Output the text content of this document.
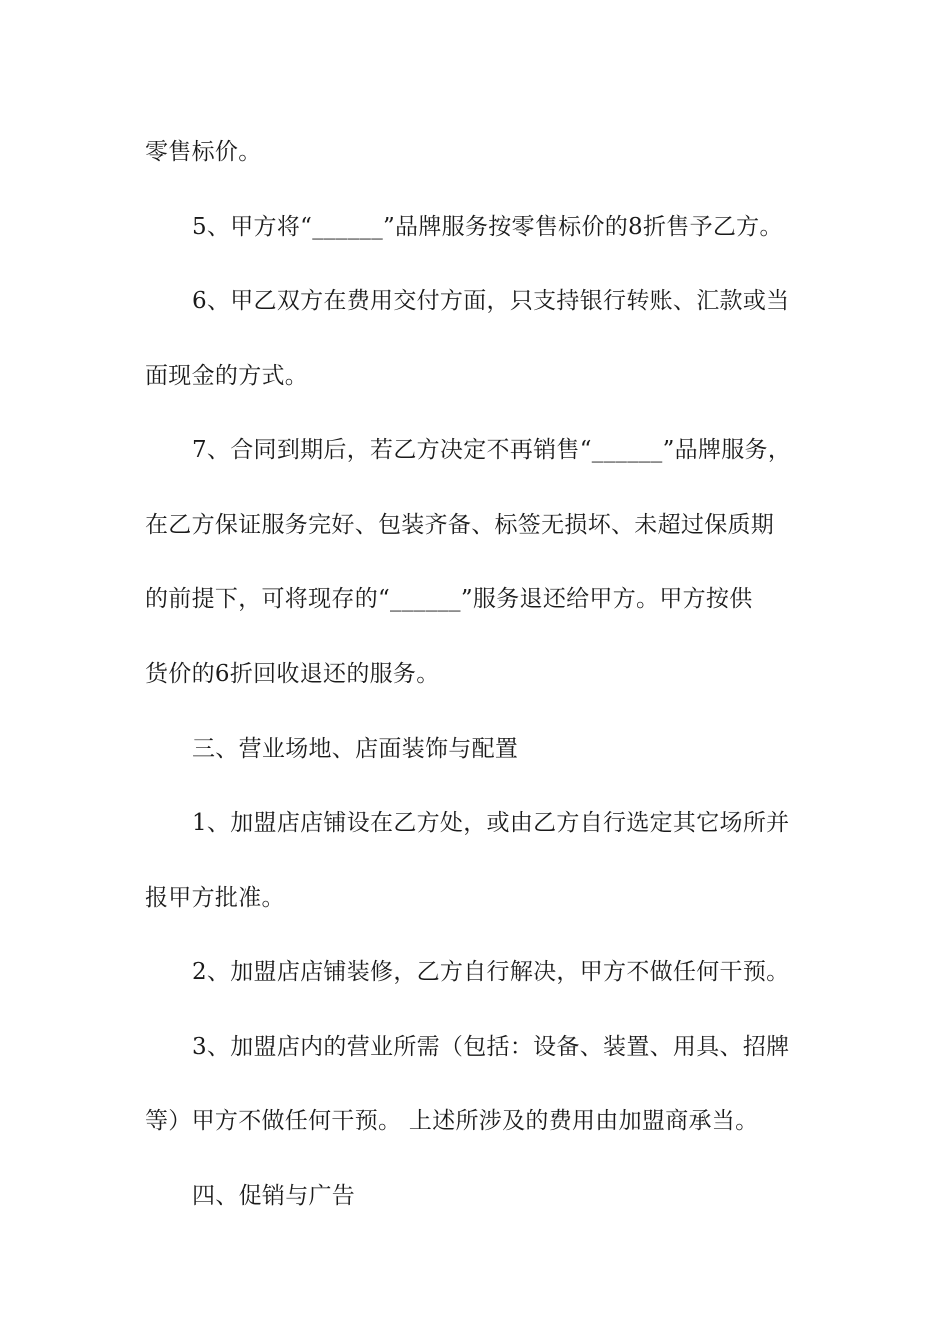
零售标价。
5、甲方将“______”品牌服务按零售标价的8折售予乙方。
6、甲乙双方在费用交付方面，只支持银行转账、汇款或当
面现金的方式。
7、合同到期后，若乙方决定不再销售“______”品牌服务，
在乙方保证服务完好、包装齐备、标签无损坏、未超过保质期
的前提下，可将现存的“______”服务退还给甲方。甲方按供
货价的6折回收退还的服务。
三、营业场地、店面装饰与配置
1、加盟店店铺设在乙方处，或由乙方自行选定其它场所并
报甲方批准。
2、加盟店店铺装修，乙方自行解决，甲方不做任何干预。
3、加盟店内的营业所需（包括：设备、装置、用具、招牌
等）甲方不做任何干预。 上述所涉及的费用由加盟商承当。
四、促销与广告
